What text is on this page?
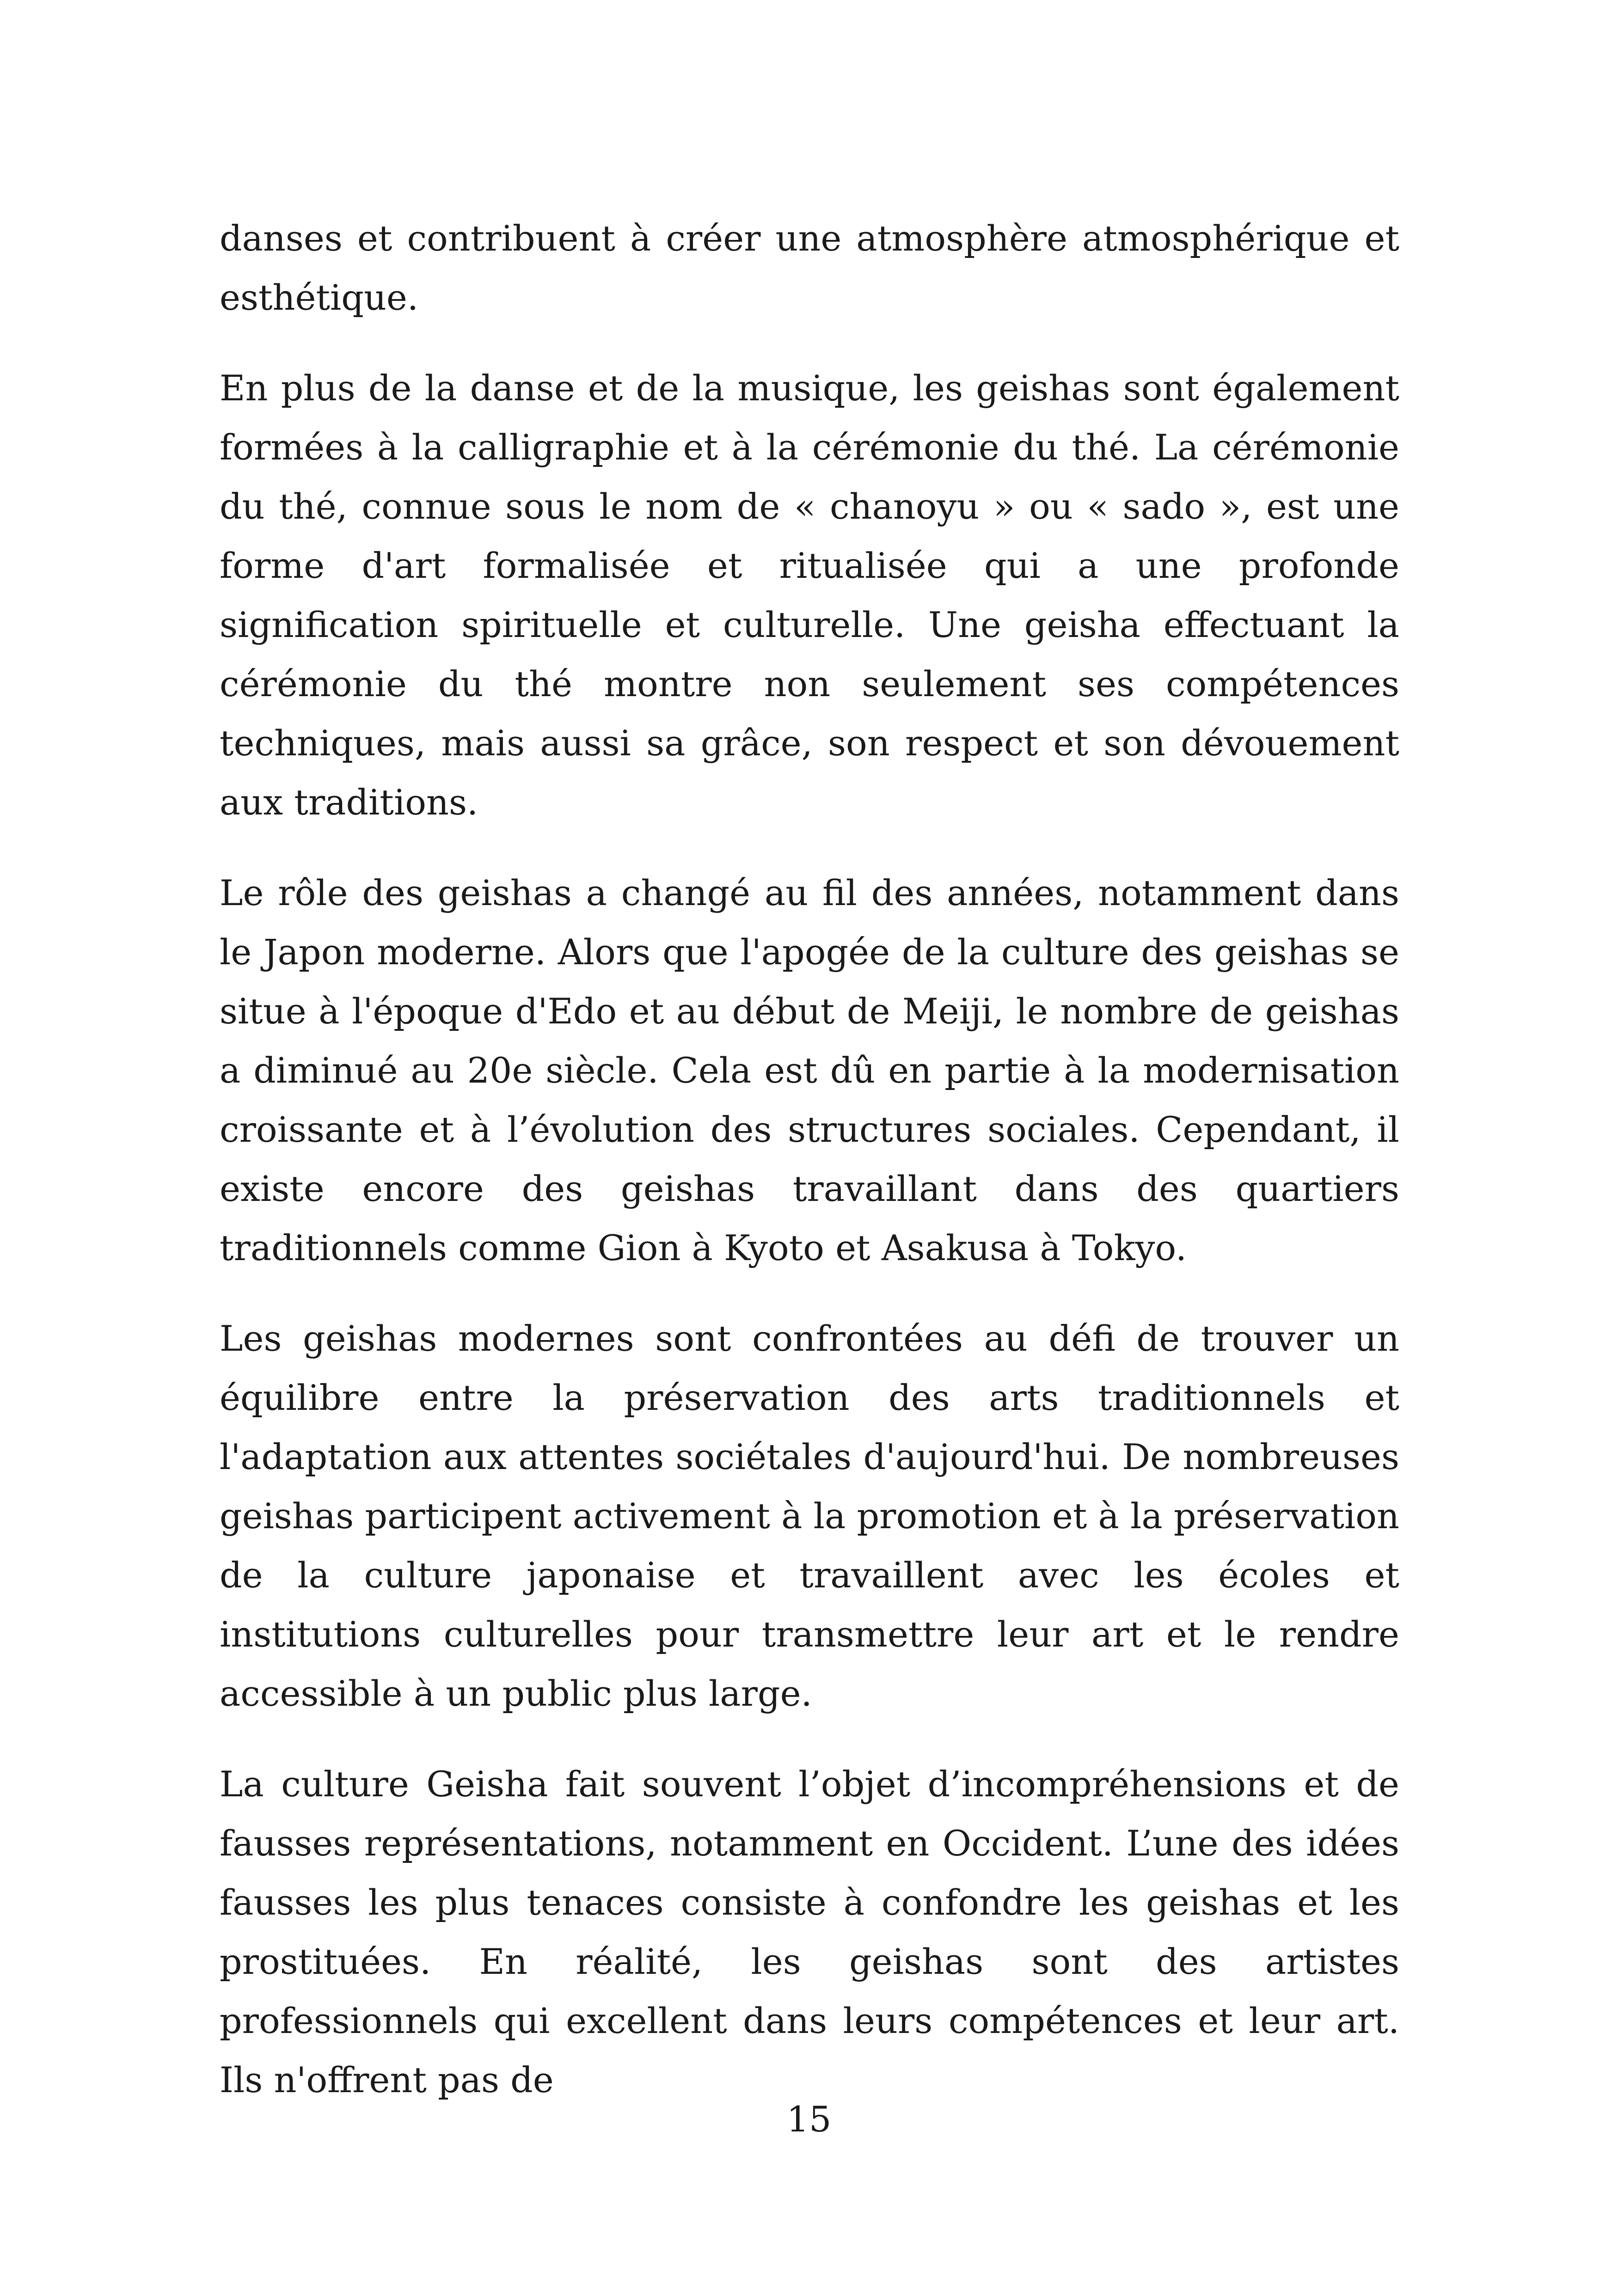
danses et contribuent à créer une atmosphère atmosphérique et esthétique.

En plus de la danse et de la musique, les geishas sont également formées à la calligraphie et à la cérémonie du thé. La cérémonie du thé, connue sous le nom de « chanoyu » ou « sado », est une forme d'art formalisée et ritualisée qui a une profonde signification spirituelle et culturelle. Une geisha effectuant la cérémonie du thé montre non seulement ses compétences techniques, mais aussi sa grâce, son respect et son dévouement aux traditions.

Le rôle des geishas a changé au fil des années, notamment dans le Japon moderne. Alors que l'apogée de la culture des geishas se situe à l'époque d'Edo et au début de Meiji, le nombre de geishas a diminué au 20e siècle. Cela est dû en partie à la modernisation croissante et à l’évolution des structures sociales. Cependant, il existe encore des geishas travaillant dans des quartiers traditionnels comme Gion à Kyoto et Asakusa à Tokyo.

Les geishas modernes sont confrontées au défi de trouver un équilibre entre la préservation des arts traditionnels et l'adaptation aux attentes sociétales d'aujourd'hui. De nombreuses geishas participent activement à la promotion et à la préservation de la culture japonaise et travaillent avec les écoles et institutions culturelles pour transmettre leur art et le rendre accessible à un public plus large.

La culture Geisha fait souvent l’objet d’incompréhensions et de fausses représentations, notamment en Occident. L’une des idées fausses les plus tenaces consiste à confondre les geishas et les prostituées. En réalité, les geishas sont des artistes professionnels qui excellent dans leurs compétences et leur art. Ils n'offrent pas de

15
